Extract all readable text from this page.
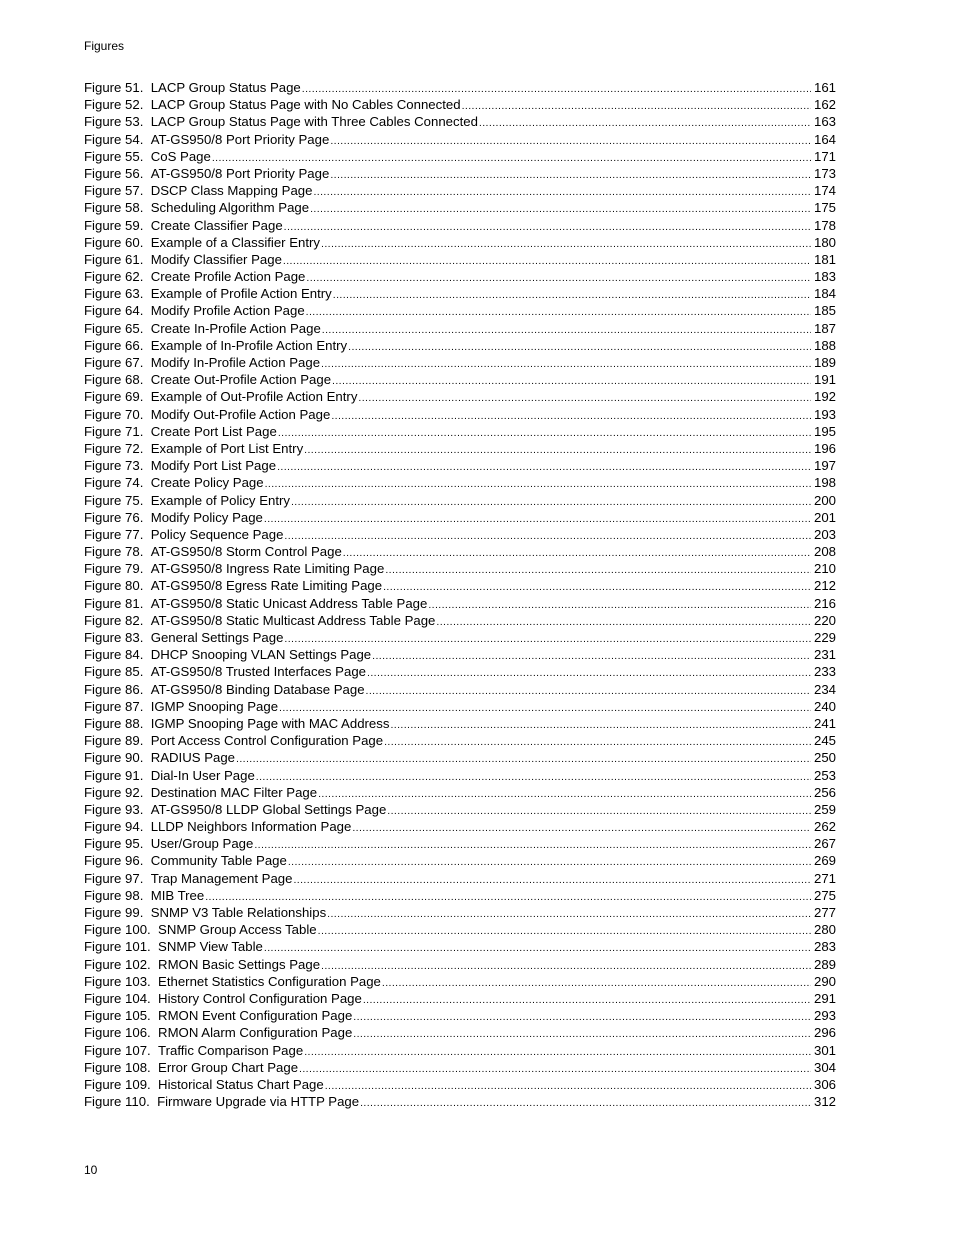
Figures
Figure 51.
LACP Group Status Page .....	161
Figure 52.
LACP Group Status Page with No Cables Connected .....	162
Figure 53.
LACP Group Status Page with Three Cables Connected .....	163
Figure 54.
AT-GS950/8 Port Priority Page .....	164
Figure 55.
CoS Page .....	171
Figure 56.
AT-GS950/8 Port Priority Page .....	173
Figure 57.
DSCP Class Mapping Page .....	174
Figure 58.
Scheduling Algorithm Page .....	175
Figure 59.
Create Classifier Page .....	178
Figure 60.
Example of a Classifier Entry .....	180
Figure 61.
Modify Classifier Page .....	181
Figure 62.
Create Profile Action Page .....	183
Figure 63.
Example of Profile Action Entry .....	184
Figure 64.
Modify Profile Action Page .....	185
Figure 65.
Create In-Profile Action Page .....	187
Figure 66.
Example of In-Profile Action Entry .....	188
Figure 67.
Modify In-Profile Action Page .....	189
Figure 68.
Create Out-Profile Action Page .....	191
Figure 69.
Example of Out-Profile Action Entry .....	192
Figure 70.
Modify Out-Profile Action Page .....	193
Figure 71.
Create Port List Page .....	195
Figure 72.
Example of Port List Entry .....	196
Figure 73.
Modify Port List Page .....	197
Figure 74.
Create Policy Page .....	198
Figure 75.
Example of Policy Entry .....	200
Figure 76.
Modify Policy Page .....	201
Figure 77.
Policy Sequence Page .....	203
Figure 78.
AT-GS950/8 Storm Control Page .....	208
Figure 79.
AT-GS950/8 Ingress Rate Limiting Page .....	210
Figure 80.
AT-GS950/8 Egress Rate Limiting Page .....	212
Figure 81.
AT-GS950/8 Static Unicast Address Table Page .....	216
Figure 82.
AT-GS950/8 Static Multicast Address Table Page .....	220
Figure 83.
General Settings Page .....	229
Figure 84.
DHCP Snooping VLAN Settings Page .....	231
Figure 85.
AT-GS950/8 Trusted Interfaces Page .....	233
Figure 86.
AT-GS950/8 Binding Database Page .....	234
Figure 87.
IGMP Snooping Page .....	240
Figure 88.
IGMP Snooping Page with MAC Address .....	241
Figure 89.
Port Access Control Configuration Page .....	245
Figure 90.
RADIUS Page .....	250
Figure 91.
Dial-In User Page .....	253
Figure 92.
Destination MAC Filter Page .....	256
Figure 93.
AT-GS950/8 LLDP Global Settings Page .....	259
Figure 94.
LLDP Neighbors Information Page .....	262
Figure 95.
User/Group Page .....	267
Figure 96.
Community Table Page .....	269
Figure 97.
Trap Management Page .....	271
Figure 98.
MIB Tree .....	275
Figure 99.
SNMP V3 Table Relationships .....	277
Figure 100.
SNMP Group Access Table .....	280
Figure 101.
SNMP View Table .....	283
Figure 102.
RMON Basic Settings Page .....	289
Figure 103.
Ethernet Statistics Configuration Page .....	290
Figure 104.
History Control Configuration Page .....	291
Figure 105.
RMON Event Configuration Page .....	293
Figure 106.
RMON Alarm Configuration Page .....	296
Figure 107.
Traffic Comparison Page .....	301
Figure 108.
Error Group Chart Page .....	304
Figure 109.
Historical Status Chart Page .....	306
Figure 110.
Firmware Upgrade via HTTP Page .....	312
10
